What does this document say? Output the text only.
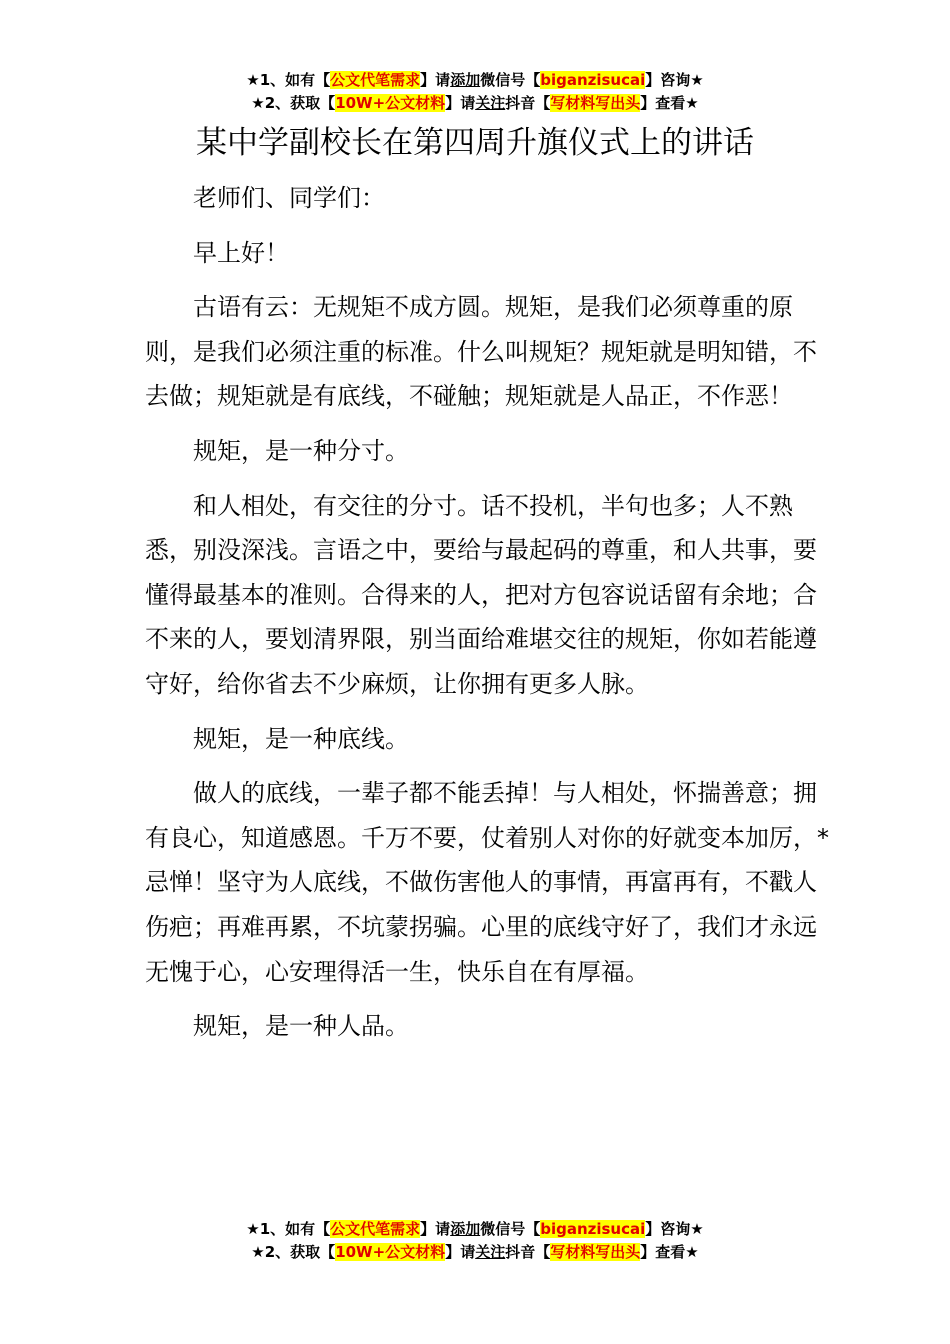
★1、如有【公文代笔需求】请添加微信号【biganzisucai】咨询★
★2、获取【10W+公文材料】请关注抖音【写材料写出头】查看★
某中学副校长在第四周升旗仪式上的讲话

老师们、同学们：

早上好！

古语有云：无规矩不成方圆。规矩，是我们必须尊重的原则，是我们必须注重的标准。什么叫规矩？规矩就是明知错，不去做；规矩就是有底线，不碰触；规矩就是人品正，不作恶！

规矩，是一种分寸。

和人相处，有交往的分寸。话不投机，半句也多；人不熟悉，别没深浅。言语之中，要给与最起码的尊重，和人共事，要懂得最基本的准则。合得来的人，把对方包容说话留有余地；合不来的人，要划清界限，别当面给难堪交往的规矩，你如若能遵守好，给你省去不少麻烦，让你拥有更多人脉。

规矩，是一种底线。

做人的底线，一辈子都不能丢掉！与人相处，怀揣善意；拥有良心，知道感恩。千万不要，仗着别人对你的好就变本加厉，*忌惮！坚守为人底线，不做伤害他人的事情，再富再有，不戳人伤疤；再难再累，不坑蒙拐骗。心里的底线守好了，我们才永远无愧于心，心安理得活一生，快乐自在有厚福。

规矩，是一种人品。

★1、如有【公文代笔需求】请添加微信号【biganzisucai】咨询★
★2、获取【10W+公文材料】请关注抖音【写材料写出头】查看★
